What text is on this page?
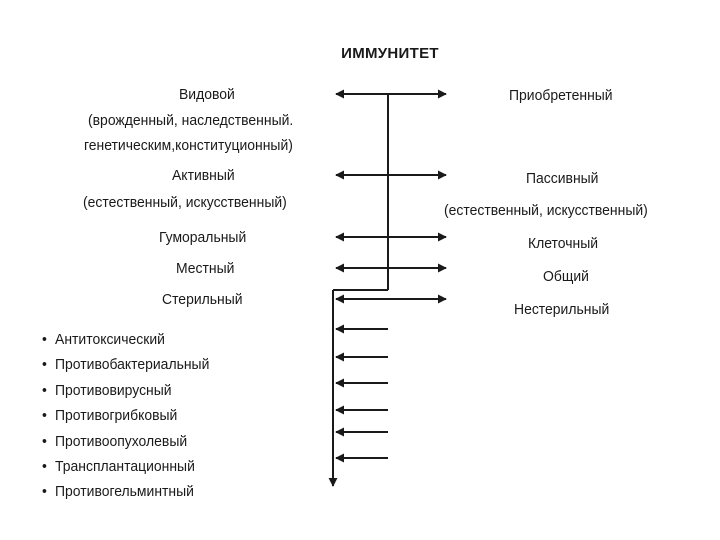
ИММУНИТЕТ
Видовой
(врожденный, наследственный.
генетическим,конституционный)
Активный
(естественный, искусственный)
Гуморальный
Местный
Стерильный
Приобретенный
Пассивный
(естественный, искусственный)
Клеточный
Общий
Нестерильный
• Антитоксический
• Противобактериальный
• Противовирусный
• Противогрибковый
• Противоопухолевый
• Трансплантационный
• Противогельминтный
